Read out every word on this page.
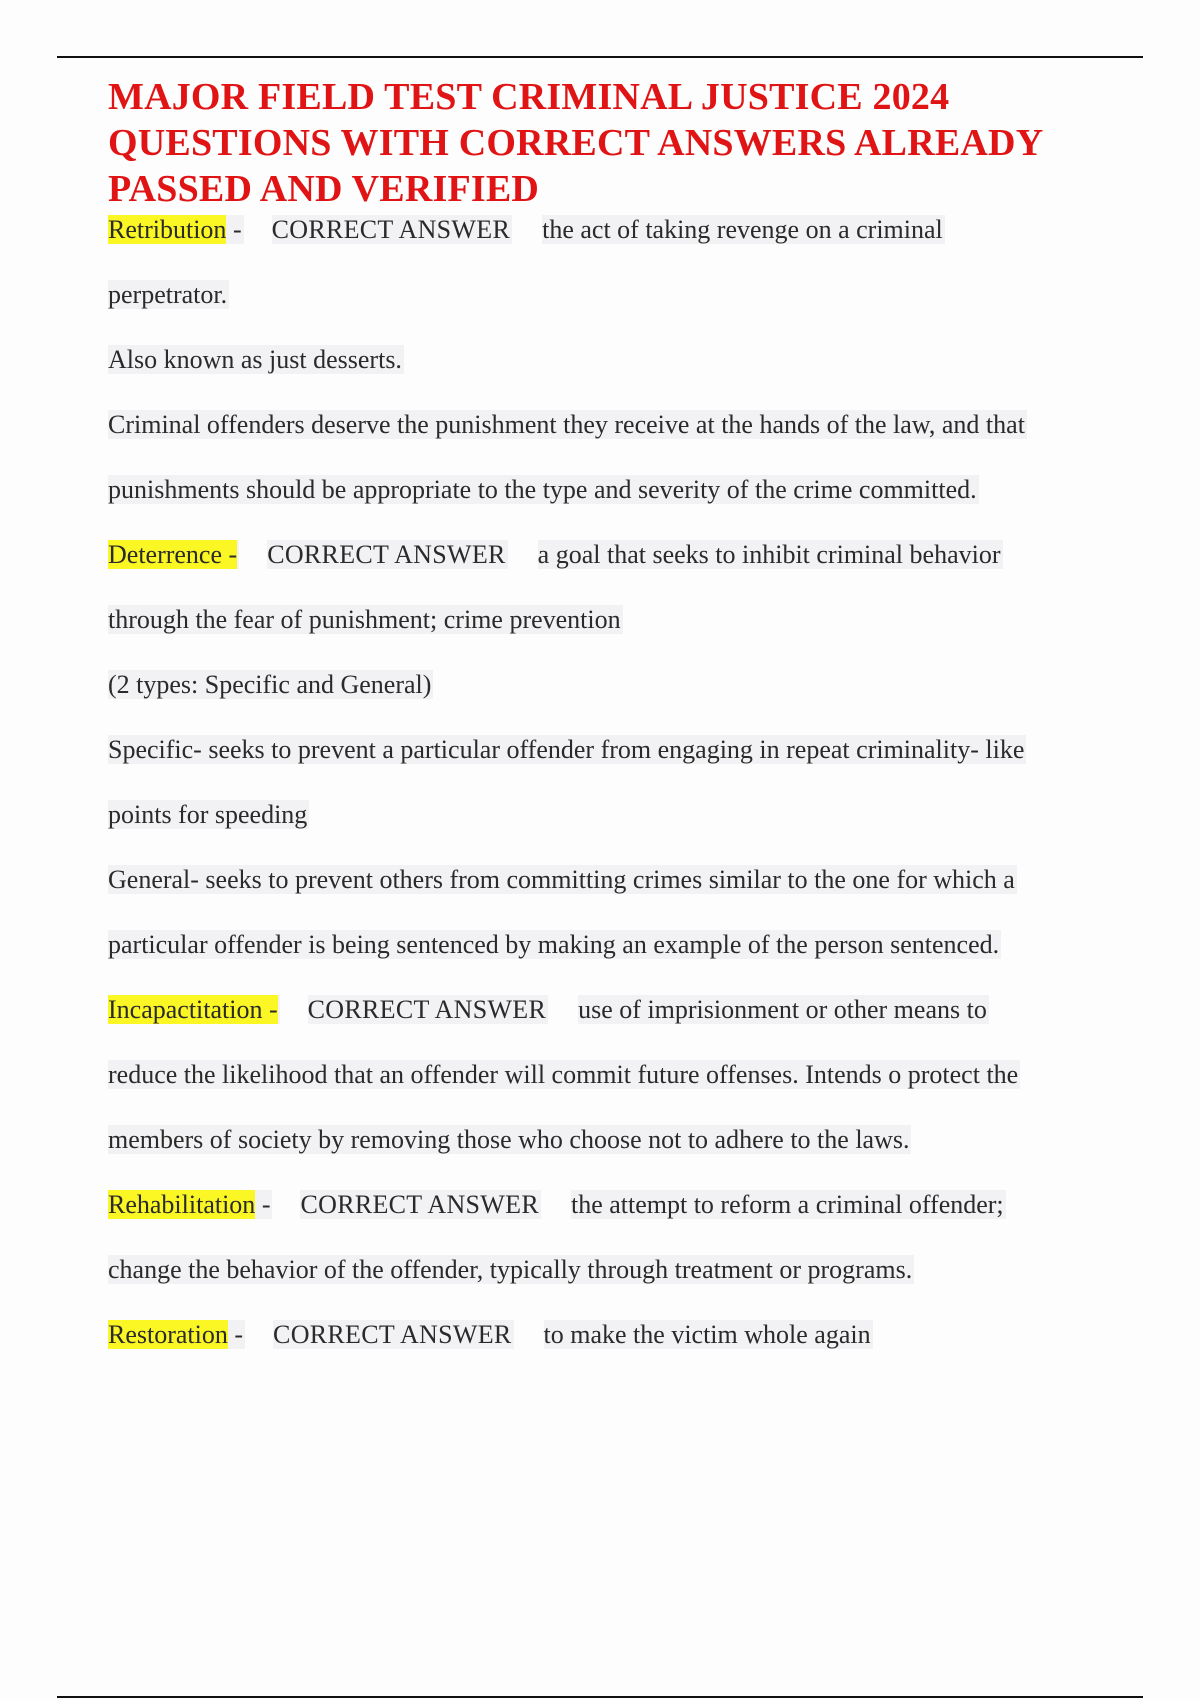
MAJOR FIELD TEST CRIMINAL JUSTICE 2024 QUESTIONS WITH CORRECT ANSWERS ALREADY PASSED AND VERIFIED
Retribution - CORRECT ANSWER the act of taking revenge on a criminal
perpetrator.
Also known as just desserts.
Criminal offenders deserve the punishment they receive at the hands of the law, and that
punishments should be appropriate to the type and severity of the crime committed.
Deterrence - CORRECT ANSWER a goal that seeks to inhibit criminal behavior
through the fear of punishment; crime prevention
(2 types: Specific and General)
Specific- seeks to prevent a particular offender from engaging in repeat criminality- like
points for speeding
General- seeks to prevent others from committing crimes similar to the one for which a
particular offender is being sentenced by making an example of the person sentenced.
Incapactitation - CORRECT ANSWER use of imprisionment or other means to
reduce the likelihood that an offender will commit future offenses. Intends o protect the
members of society by removing those who choose not to adhere to the laws.
Rehabilitation - CORRECT ANSWER the attempt to reform a criminal offender;
change the behavior of the offender, typically through treatment or programs.
Restoration - CORRECT ANSWER to make the victim whole again
